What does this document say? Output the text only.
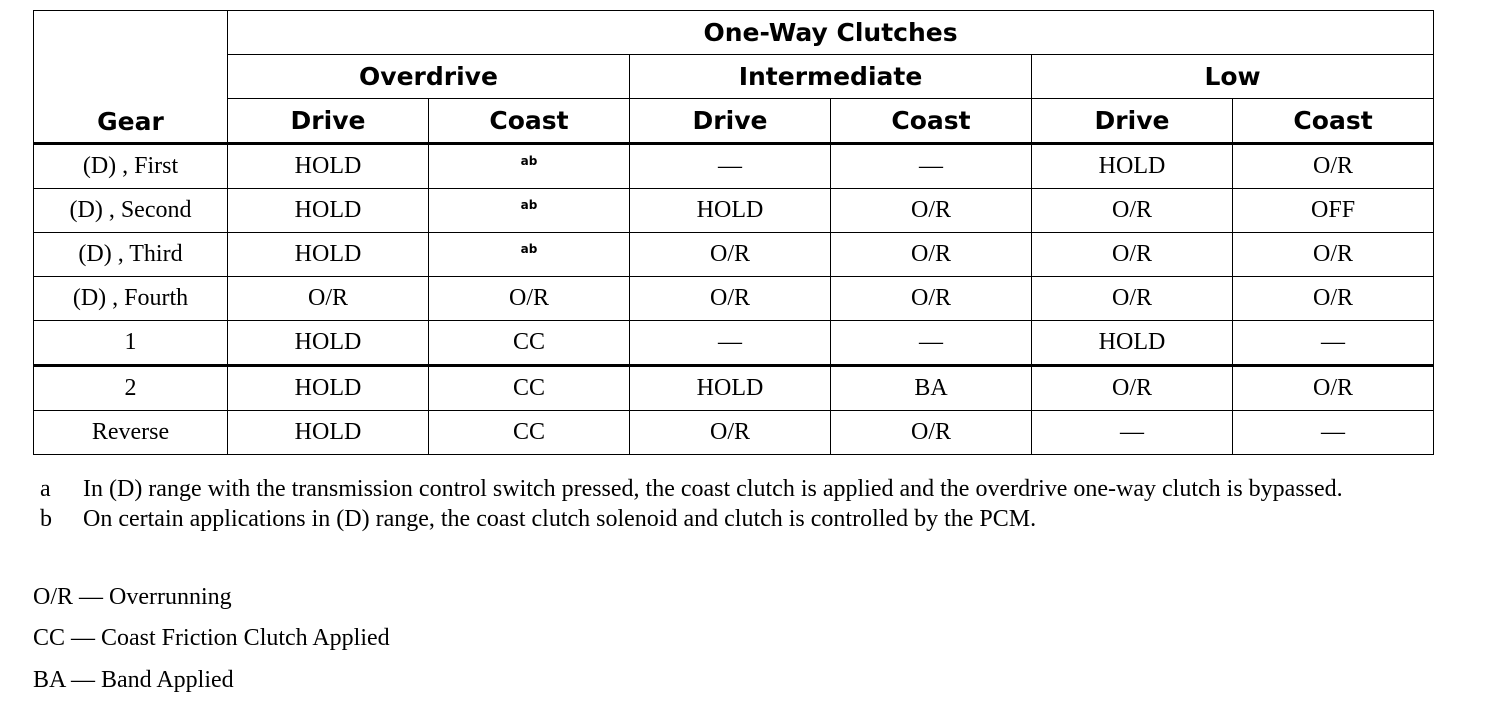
Gear	One-Way Clutches					
	Overdrive		Intermediate		Low	
	Drive	Coast	Drive	Coast	Drive	Coast
(D) , First	HOLD	$^{ab}$	—	—	HOLD	O/R
(D) , Second	HOLD	$^{ab}$	HOLD	O/R	O/R	OFF
(D) , Third	HOLD	$^{ab}$	O/R	O/R	O/R	O/R
(D) , Fourth	O/R	O/R	O/R	O/R	O/R	O/R
1	HOLD	CC	—	—	HOLD	—
2	HOLD	CC	HOLD	BA	O/R	O/R
Reverse	HOLD	CC	O/R	O/R	—	—
a	In (D) range with the transmission control switch pressed, the coast clutch is applied and the overdrive one-way clutch is bypassed.
b	On certain applications in (D) range, the coast clutch solenoid and clutch is controlled by the PCM.
O/R — Overrunning
CC — Coast Friction Clutch Applied
BA — Band Applied
